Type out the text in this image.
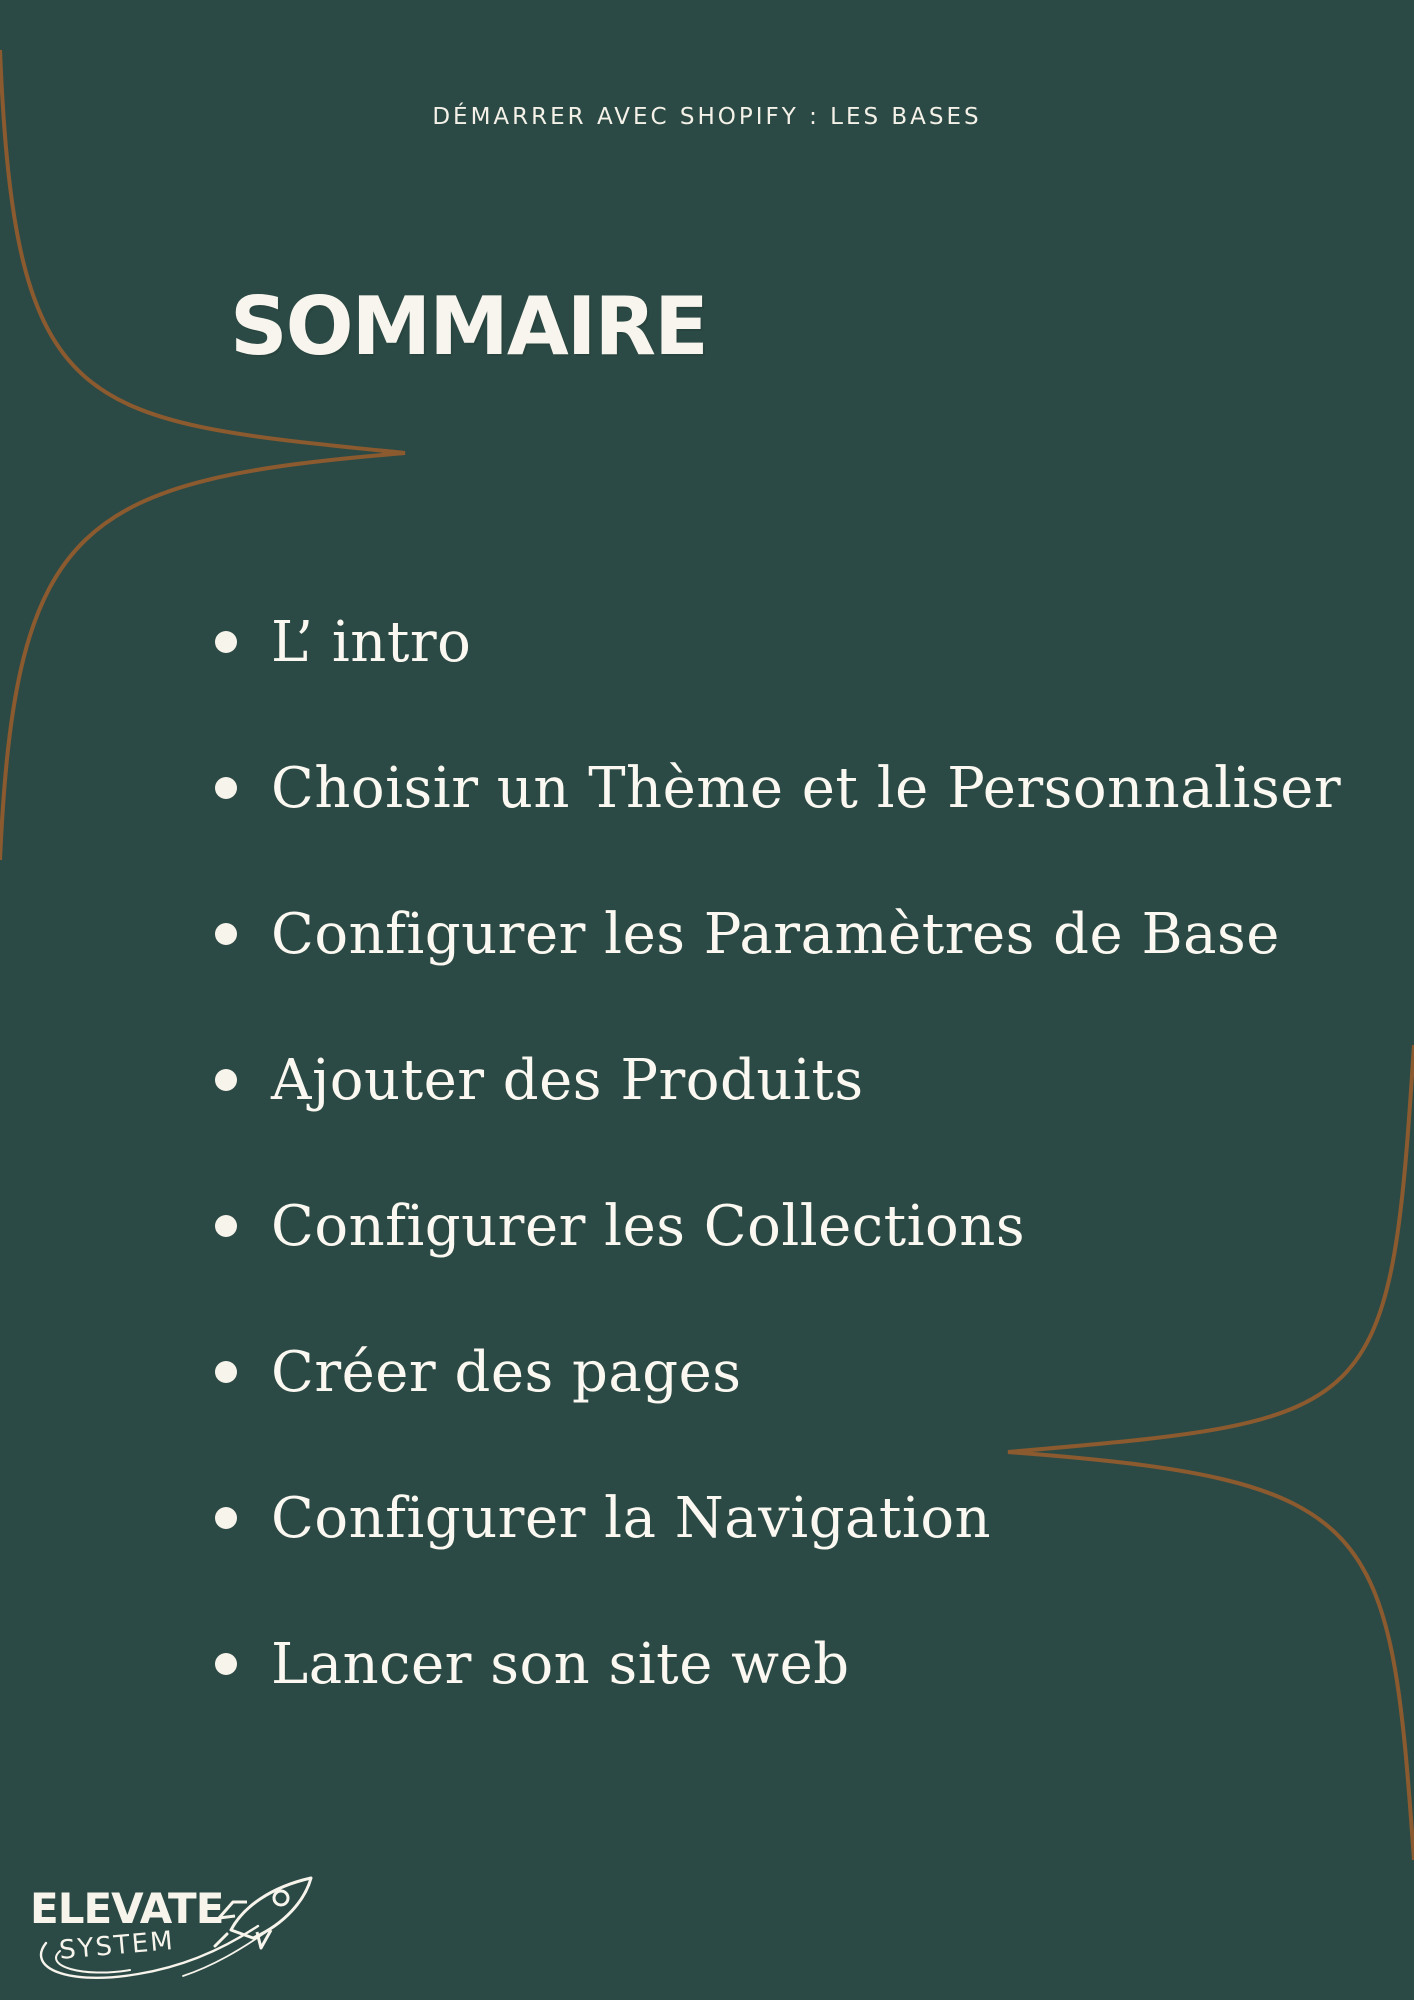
DÉMARRER AVEC SHOPIFY : LES BASES
SOMMAIRE
L’ intro
Choisir un Thème et le Personnaliser
Configurer les Paramètres de Base
Ajouter des Produits
Configurer les Collections
Créer des pages
Configurer la Navigation
Lancer son site web
ELEVATE
SYSTEM
